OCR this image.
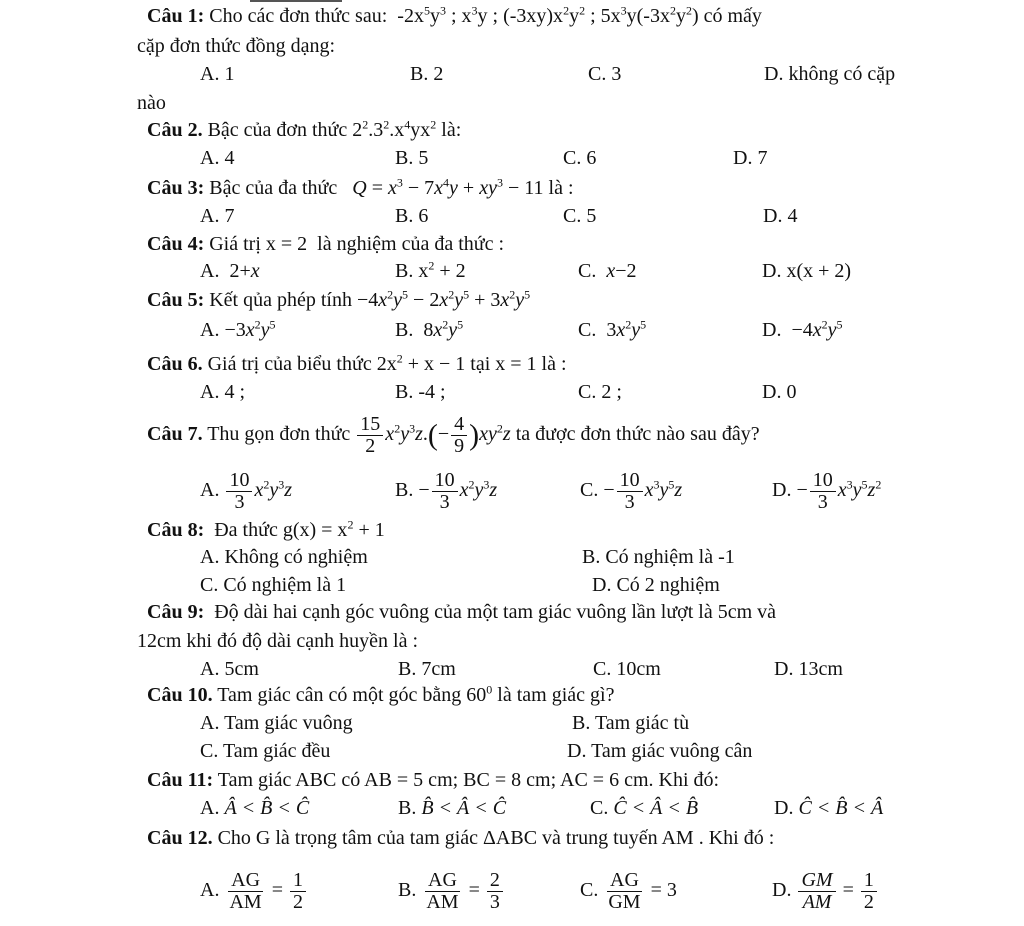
Câu 1: Cho các đơn thức sau:  $-2x^5y^3$ ; $x^3y$ ; $(-3xy)x^2y^2$ ; $5x^3y(-3x^2y^2)$ có mấy
cặp đơn thức đồng dạng:
A. 1	B. 2	C. 3	D. không có cặp
nào
Câu 2. Bậc của đơn thức $2^2.3^2.x^4yx^2$ là:
A. 4	B. 5	C. 6	D. 7
Câu 3: Bậc của đa thức $Q = x^3 - 7x^4y + xy^3 - 11$ là :
A. 7	B. 6	C. 5	D. 4
Câu 4: Giá trị x = 2  là nghiệm của đa thức :
A.  2+x	B. $x^2 + 2$	C. x−2	D. x(x + 2)
Câu 5: Kết qủa phép tính $-4x^2y^5 - 2x^2y^5 + 3x^2y^5$
A. $-3x^2y^5$	B.  $8x^2y^5$	C.  $3x^2y^5$	D.  $-4x^2y^5$
Câu 6. Giá trị của biểu thức $2x^2 + x - 1$ tại x = 1 là :
A. 4 ;	B. -4 ;	C. 2 ;	D. 0
Câu 7. Thu gọn đơn thức $\frac{15}{2} x^2y^3z.(- \frac{4}{9} )xy^2z$ ta được đơn thức nào sau đây?
A. $\frac{10}{3} x^2y^3z$	B. − $\frac{10}{3} x^2y^3z$	C. − $\frac{10}{3} x^3y^5z$	D. − $\frac{10}{3} x^3y^5z^2$
Câu 8: Đa thức $g(x) = x^2 + 1$
A. Không có nghiệm	B. Có nghiệm là -1
C. Có nghiệm là 1	D. Có 2 nghiệm
Câu 9: Độ dài hai cạnh góc vuông của một tam giác vuông lần lượt là 5cm và
12cm khi đó độ dài cạnh huyền là :
A. 5cm	B. 7cm	C. 10cm	D. 13cm
Câu 10. Tam giác cân có một góc bằng $60^0$ là tam giác gì?
A. Tam giác vuông	B. Tam giác tù
C. Tam giác đều	D. Tam giác vuông cân
Câu 11: Tam giác ABC có AB = 5 cm; BC = 8 cm; AC = 6 cm. Khi đó:
A. Â < B̂ < Ĉ	B. B̂ < Â < Ĉ	C. Ĉ < Â < B̂	D. Ĉ < B̂ < Â
Câu 12. Cho G là trọng tâm của tam giác ΔABC và trung tuyến AM . Khi đó :
A. $\frac{AG}{AM} = \frac{1}{2}$	B. $\frac{AG}{AM} = \frac{2}{3}$	C. $\frac{AG}{GM} = 3$	D. $\frac{GM}{AM} = \frac{1}{2}$
